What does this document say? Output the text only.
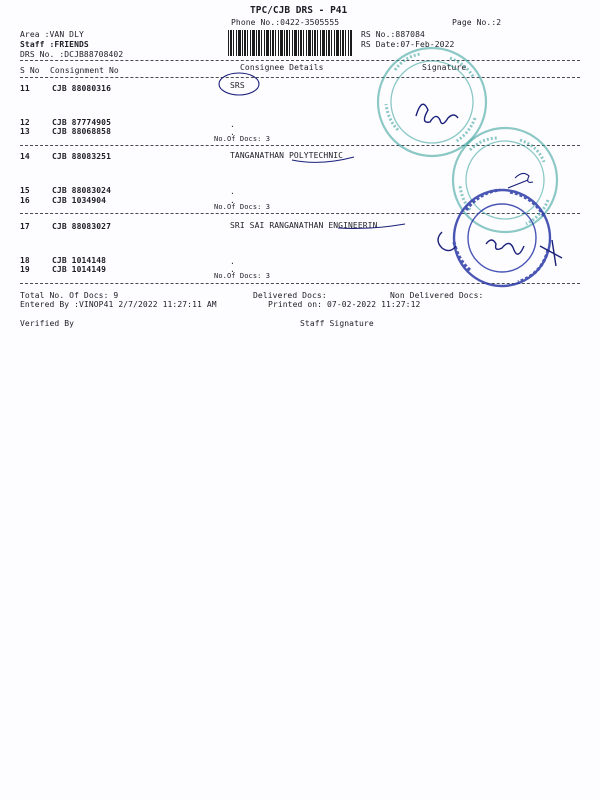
TPC/CJB DRS - P41
Phone No.:0422-3505555	Page No.:2
Area :VAN DLY
Staff :FRIENDS
DRS No. :DCJB88708402
RS No.:887084
RS Date:07-Feb-2022
S No Consignment No	Consignee Details	Signature
11	CJB 88080316	SRS
12	CJB 87774905
13	CJB 88068858
.
.
No.Of Docs: 3
14	CJB 88083251	TANGANATHAN POLYTECHNIC
15	CJB 88083024
16	CJB 1034904
.
.
No.Of Docs: 3
17	CJB 88083027	SRI SAI RANGANATHAN ENGINEERIN
18	CJB 1014148
19	CJB 1014149
.
.
No.Of Docs: 3
Total No. Of Docs: 9	Delivered Docs:	Non Delivered Docs:
Entered By :VINOP41 2/7/2022 11:27:11 AM	Printed on: 07-02-2022 11:27:12
Verified By	Staff Signature
